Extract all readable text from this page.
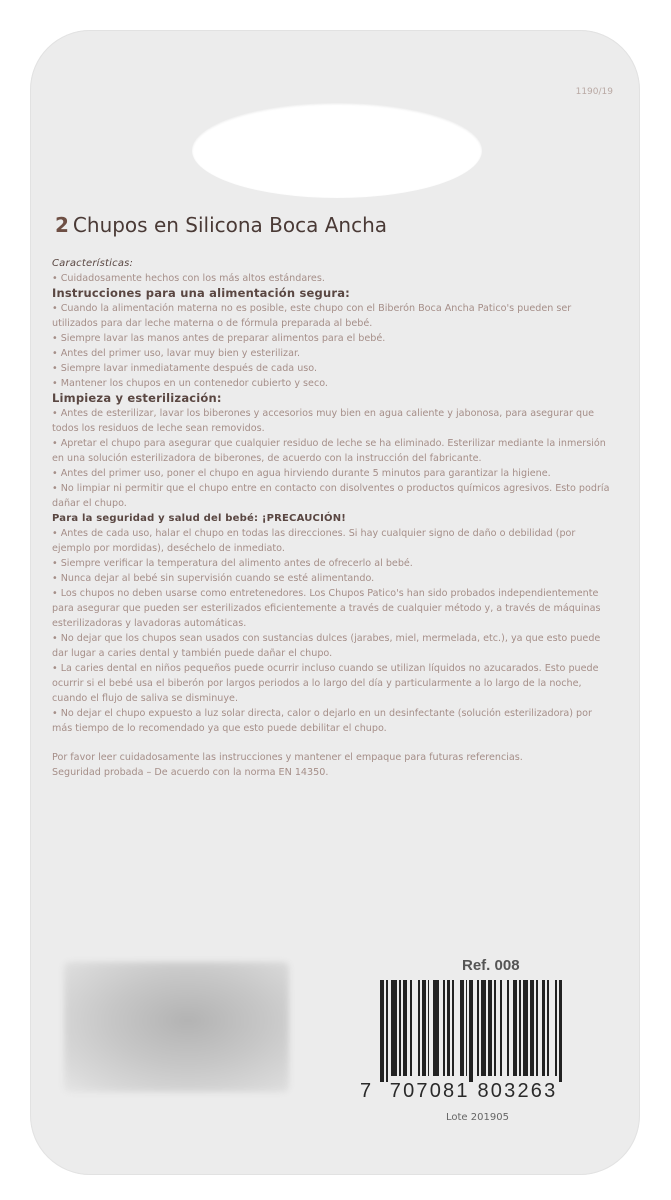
1190/19
2 Chupos en Silicona Boca Ancha
Características:
• Cuidadosamente hechos con los más altos estándares.
Instrucciones para una alimentación segura:
• Cuando la alimentación materna no es posible, este chupo con el Biberón Boca Ancha Patico's pueden ser utilizados para dar leche materna o de fórmula preparada al bebé.
• Siempre lavar las manos antes de preparar alimentos para el bebé.
• Antes del primer uso, lavar muy bien y esterilizar.
• Siempre lavar inmediatamente después de cada uso.
• Mantener los chupos en un contenedor cubierto y seco.
Limpieza y esterilización:
• Antes de esterilizar, lavar los biberones y accesorios muy bien en agua caliente y jabonosa, para asegurar que todos los residuos de leche sean removidos.
• Apretar el chupo para asegurar que cualquier residuo de leche se ha eliminado. Esterilizar mediante la inmersión en una solución esterilizadora de biberones, de acuerdo con la instrucción del fabricante.
• Antes del primer uso, poner el chupo en agua hirviendo durante 5 minutos para garantizar la higiene.
• No limpiar ni permitir que el chupo entre en contacto con disolventes o productos químicos agresivos. Esto podría dañar el chupo.
Para la seguridad y salud del bebé: ¡PRECAUCIÓN!
• Antes de cada uso, halar el chupo en todas las direcciones. Si hay cualquier signo de daño o debilidad (por ejemplo por mordidas), deséchelo de inmediato.
• Siempre verificar la temperatura del alimento antes de ofrecerlo al bebé.
• Nunca dejar al bebé sin supervisión cuando se esté alimentando.
• Los chupos no deben usarse como entretenedores. Los Chupos Patico's han sido probados independientemente para asegurar que pueden ser esterilizados eficientemente a través de cualquier método y, a través de máquinas esterilizadoras y lavadoras automáticas.
• No dejar que los chupos sean usados con sustancias dulces (jarabes, miel, mermelada, etc.), ya que esto puede dar lugar a caries dental y también puede dañar el chupo.
• La caries dental en niños pequeños puede ocurrir incluso cuando se utilizan líquidos no azucarados. Esto puede ocurrir si el bebé usa el biberón por largos periodos a lo largo del día y particularmente a lo largo de la noche, cuando el flujo de saliva se disminuye.
• No dejar el chupo expuesto a luz solar directa, calor o dejarlo en un desinfectante (solución esterilizadora) por más tiempo de lo recomendado ya que esto puede debilitar el chupo.
Por favor leer cuidadosamente las instrucciones y mantener el empaque para futuras referencias.
Seguridad probada – De acuerdo con la norma EN 14350.
Ref. 008
7 707081 803263
Lote 201905
